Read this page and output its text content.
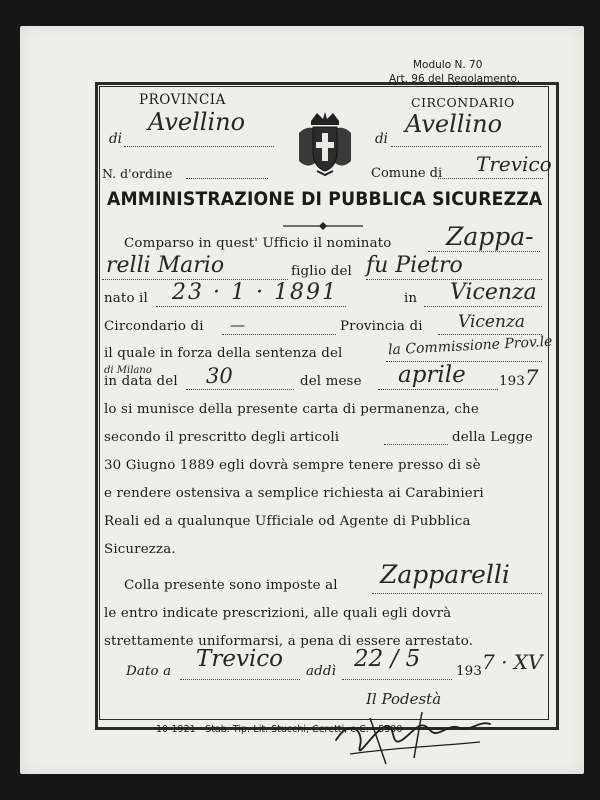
Modulo N. 70
Art. 96 del Regolamento.
PROVINCIA	CIRCONDARIO
di
Avellino
di
Avellino
N. d'ordine	Comune di Trevico
AMMINISTRAZIONE DI PUBBLICA SICUREZZA
Comparso in quest' Ufficio il nominato Zappa-
relli Mario	figlio del fu Pietro
nato il 23 · 1 · 1891	in Vicenza
Circondario di —	Provincia di Vicenza
il quale in forza della sentenza del	la Commissione Prov.le
di Milano
in data del 30	del mese aprile 193 7
lo si munisce della presente carta di permanenza, che
secondo il prescritto degli articoli	della Legge
30 Giugno 1889 egli dovrà sempre tenere presso di sè
e rendere ostensiva a semplice richiesta ai Carabinieri
Reali ed a qualunque Ufficiale od Agente di Pubblica
Sicurezza.
Colla presente sono imposte al Zapparelli
le entro indicate prescrizioni, alle quali egli dovrà
strettamente uniformarsi, a pena di essere arrestato.
Dato a Trevico addì 22 / 5	193 7 · XV
Il Podestà
10-1921 - Stab. Tip.-Lit. Stucchi, Ceretti, e C. - 5500
